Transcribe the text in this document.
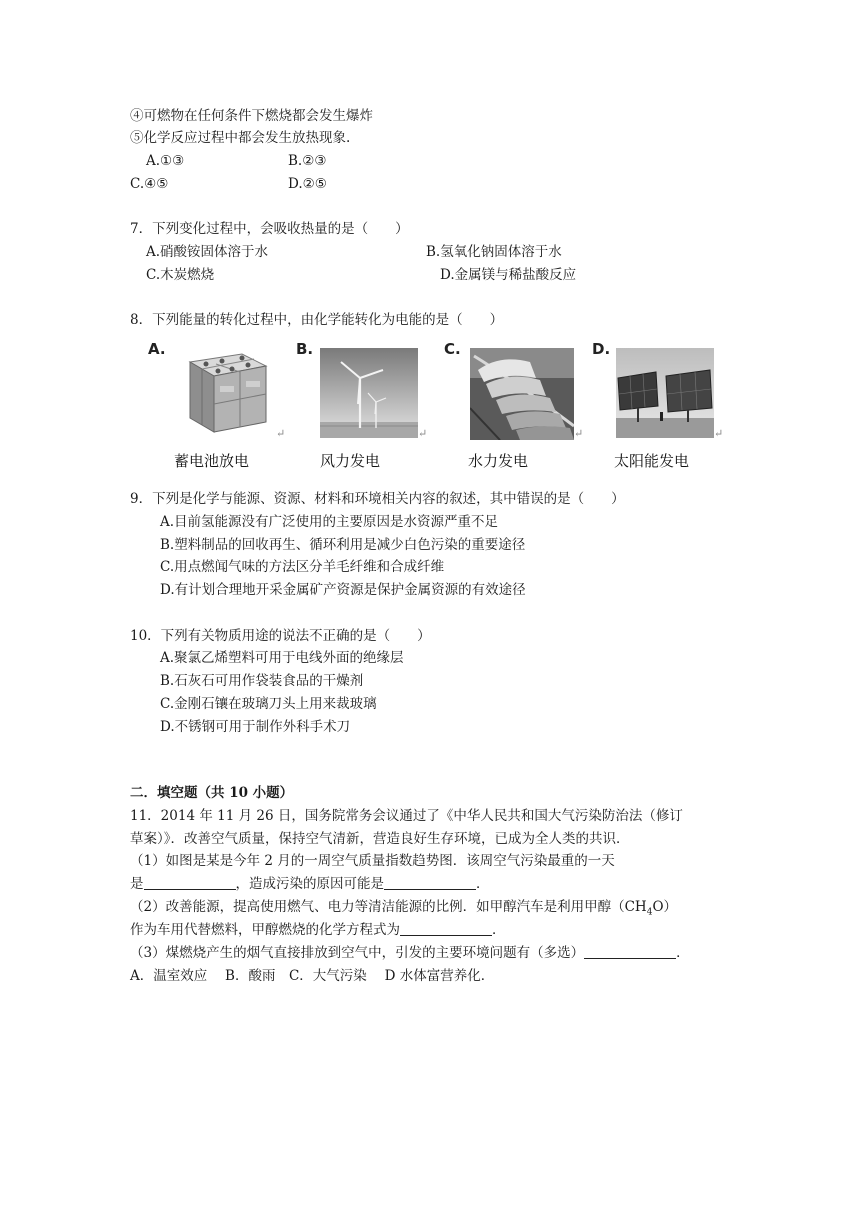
④可燃物在任何条件下燃烧都会发生爆炸
⑤化学反应过程中都会发生放热现象.
A.①③	B.②③
C.④⑤	D.②⑤
7．下列变化过程中，会吸收热量的是（　　）
A.硝酸铵固体溶于水	B.氢氧化钠固体溶于水
C.木炭燃烧	D.金属镁与稀盐酸反应
8．下列能量的转化过程中，由化学能转化为电能的是（　　）
A.
↵
蓄电池放电
B.
↵
风力发电
C.
↵
水力发电
D.
↵
太阳能发电
9．下列是化学与能源、资源、材料和环境相关内容的叙述，其中错误的是（　　）
A.目前氢能源没有广泛使用的主要原因是水资源严重不足
B.塑料制品的回收再生、循环利用是减少白色污染的重要途径
C.用点燃闻气味的方法区分羊毛纤维和合成纤维
D.有计划合理地开采金属矿产资源是保护金属资源的有效途径
10．下列有关物质用途的说法不正确的是（　　）
A.聚氯乙烯塑料可用于电线外面的绝缘层
B.石灰石可用作袋装食品的干燥剂
C.金刚石镶在玻璃刀头上用来裁玻璃
D.不锈钢可用于制作外科手术刀
二．填空题（共 10 小题）
11．2014 年 11 月 26 日，国务院常务会议通过了《中华人民共和国大气污染防治法（修订
草案）》．改善空气质量，保持空气清新，营造良好生存环境，已成为全人类的共识．
（1）如图是某是今年 2 月的一周空气质量指数趋势图．该周空气污染最重的一天
是	，造成污染的原因可能是	．
（2）改善能源，提高使用燃气、电力等清洁能源的比例．如甲醇汽车是利用甲醇$(CH_4O)$
作为车用代替燃料，甲醇燃烧的化学方程式为	．
（3）煤燃烧产生的烟气直接排放到空气中，引发的主要环境问题有（多选）	．
A．温室效应　 B．酸雨　C．大气污染　 D 水体富营养化．
